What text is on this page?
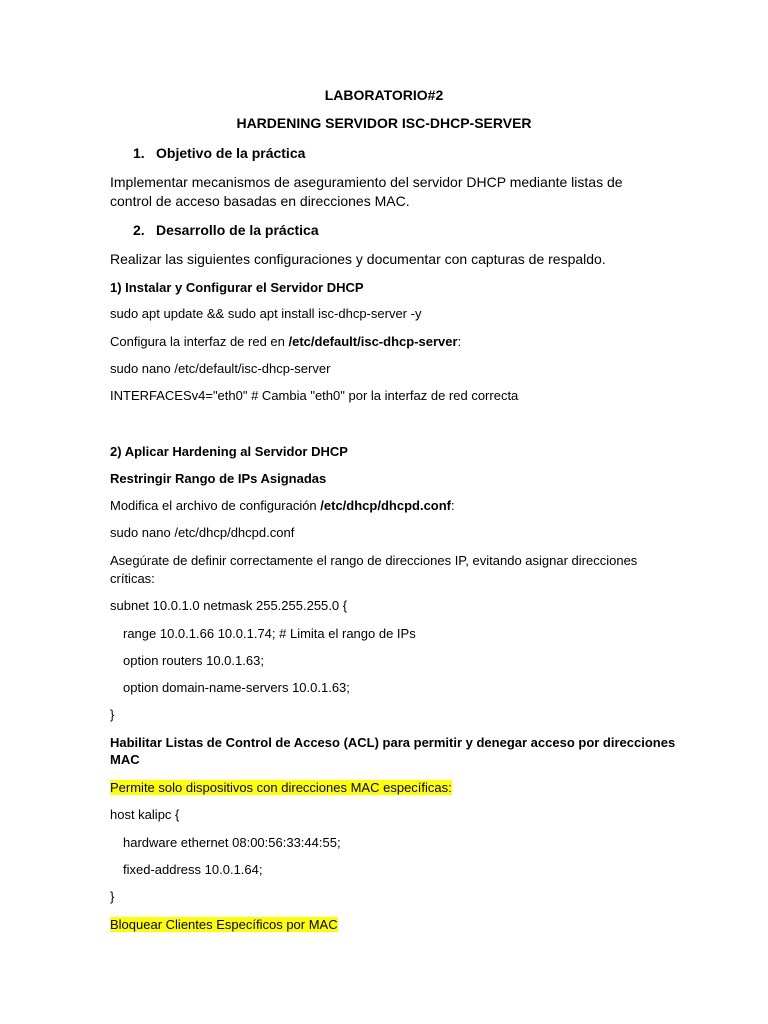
LABORATORIO#2
HARDENING SERVIDOR ISC-DHCP-SERVER
1. Objetivo de la práctica
Implementar mecanismos de aseguramiento del servidor DHCP mediante listas de
control de acceso basadas en direcciones MAC.
2. Desarrollo de la práctica
Realizar las siguientes configuraciones y documentar con capturas de respaldo.
1) Instalar y Configurar el Servidor DHCP
sudo apt update && sudo apt install isc-dhcp-server -y
Configura la interfaz de red en /etc/default/isc-dhcp-server:
sudo nano /etc/default/isc-dhcp-server
INTERFACESv4="eth0" # Cambia "eth0" por la interfaz de red correcta
2) Aplicar Hardening al Servidor DHCP
Restringir Rango de IPs Asignadas
Modifica el archivo de configuración /etc/dhcp/dhcpd.conf:
sudo nano /etc/dhcp/dhcpd.conf
Asegúrate de definir correctamente el rango de direcciones IP, evitando asignar direcciones
críticas:
subnet 10.0.1.0 netmask 255.255.255.0 {
range 10.0.1.66 10.0.1.74; # Limita el rango de IPs
option routers 10.0.1.63;
option domain-name-servers 10.0.1.63;
}
Habilitar Listas de Control de Acceso (ACL) para permitir y denegar acceso por direcciones
MAC
Permite solo dispositivos con direcciones MAC específicas:
host kalipc {
hardware ethernet 08:00:56:33:44:55;
fixed-address 10.0.1.64;
}
Bloquear Clientes Específicos por MAC
